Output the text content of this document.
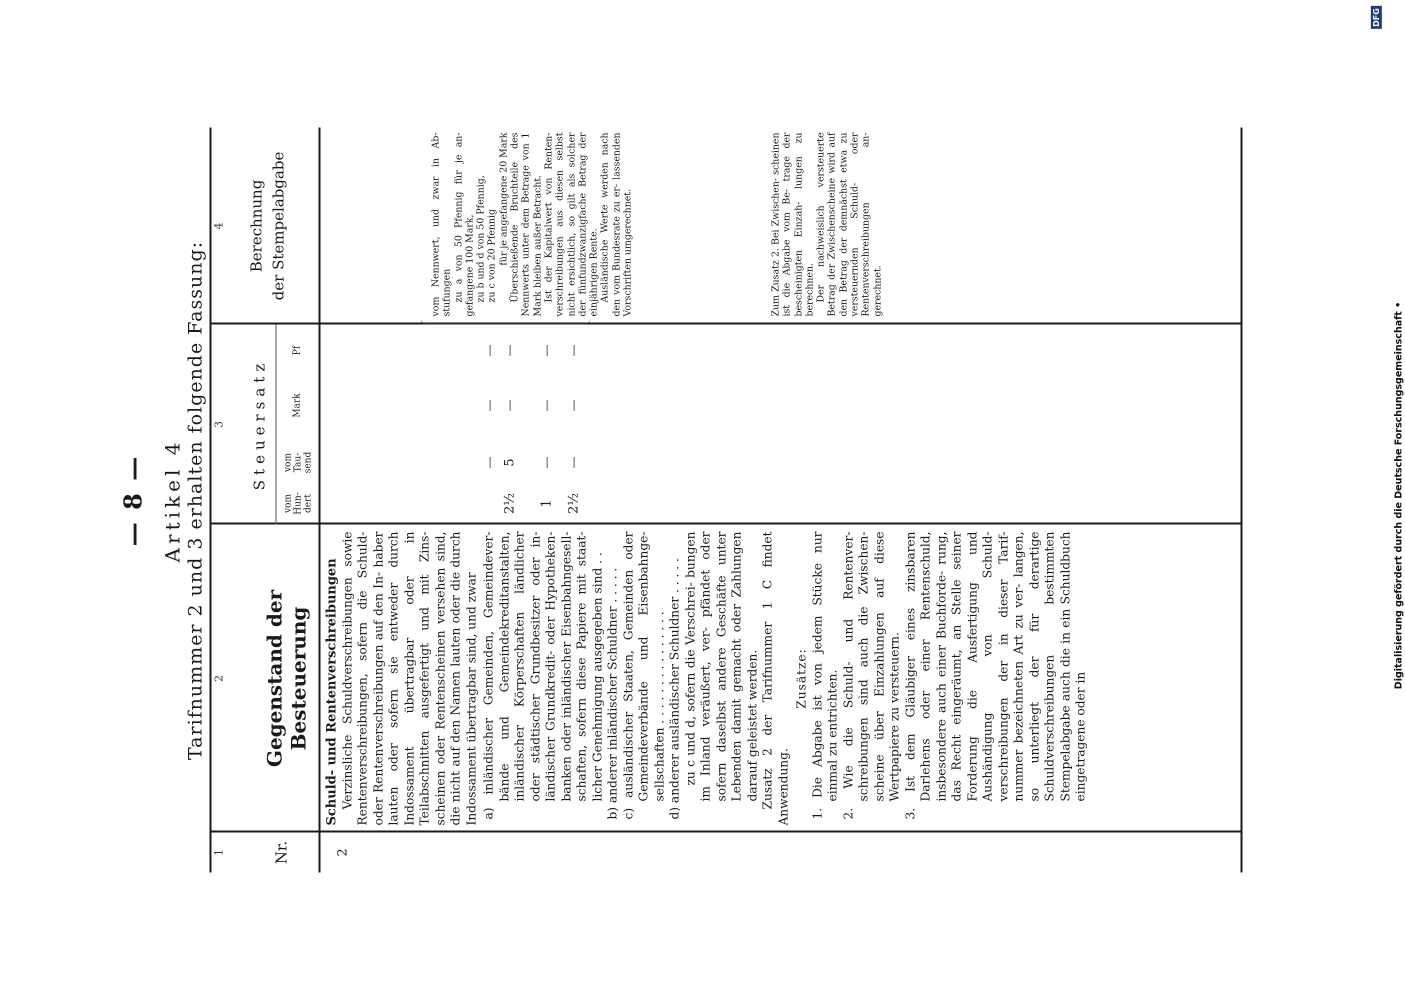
Digitalisierung gefördert durch die Deutsche Forschungsgemeinschaft •
DFG
— 8 — Artikel 4 Tarifnummer 2 und 3 erhalten folgende Fassung:
1
2
3
4
Nr.
Gegenstand der Besteuerung
Steuersatz
vom Hun- dert
vom Tau- send
Mark
Pf
Berechnung der Stempelabgabe
2
Schuld- und Rentenverschreibungen Verzinsliche Schuldverschreibungen sowie Rentenverschreibungen, sofern die Schuld- oder Rentenverschreibungen auf den In- haber lauten oder sofern sie entweder durch Indossament übertragbar oder in Teilabschnitten ausgefertigt und mit Zins- scheinen oder Rentenscheinen versehen sind, die nicht auf den Namen lauten oder die durch Indossament übertragbar sind, und zwar a) inländischer Gemeinden, Gemeindever- bände und Gemeindekreditanstalten, inländischer Körperschaften ländlicher oder städtischer Grundbesitzer oder in- ländischer Grundkredit- oder Hypotheken- banken oder inländischer Eisenbahngesell- schaften, sofern diese Papiere mit staat- licher Genehmigung ausgegeben sind . . b) anderer inländischer Schuldner . . . . . c) ausländischer Staaten, Gemeinden oder Gemeindeverbände und Eisenbahnge- sellschaften . . . . . . . . . . . . . . . d) anderer ausländischer Schuldner . . . . . zu c und d, sofern die Verschrei- bungen im Inland veräußert, ver- pfändet oder sofern daselbst andere Geschäfte unter Lebenden damit gemacht oder Zahlungen darauf geleistet werden. Zusatz 2 der Tarifnummer 1 C findet Anwendung.
Zusätze: 1. Die Abgabe ist von jedem Stücke nur einmal zu entrichten. 2. Wie die Schuld- und Rentenver- schreibungen sind auch die Zwischen- scheine über Einzahlungen auf diese Wertpapiere zu versteuern. 3. Ist dem Gläubiger eines zinsbaren Darlehens oder einer Rentenschuld, insbesondere auch einer Buchforde- rung, das Recht eingeräumt, an Stelle seiner Forderung die Ausfertigung und Aushändigung von Schuld- verschreibungen der in dieser Tarif- nummer bezeichneten Art zu ver- langen, so unterliegt der für derartige Schuldverschreibungen bestimmten Stempelabgabe auch die in ein Schuldbuch eingetragene oder in
2½
5
1 2½
—
—
—
—
—
—
—
—
—
—
—
vom Nennwert, und zwar in Ab- stufungen zu a von 50 Pfennig für je an- gefangene 100 Mark, zu b und d von 50 Pfennig, zu c von 20 Pfennig für je angefangene 20 Mark Überschießende Bruchteile des Nennwerts unter dem Betrage von 1 Mark bleiben außer Betracht. Ist der Kapitalwert von Renten- verschreibungen aus diesen selbst nicht ersichtlich, so gilt als solcher der fünfundzwanzigfache Betrag der einjährigen Rente. Ausländische Werte werden nach den vom Bundesrate zu er- lassenden Vorschriften umgerechnet.	Zum Zusatz 2. Bei Zwischen- scheinen ist die Abgabe vom Be- trage der bescheinigten Einzah- lungen zu berechnen. Der nachweislich versteuerte Betrag der Zwischenscheine wird auf den Betrag der demnächst etwa zu versteuernden Schuld- oder Rentenverschreibungen an- gerechnet.
